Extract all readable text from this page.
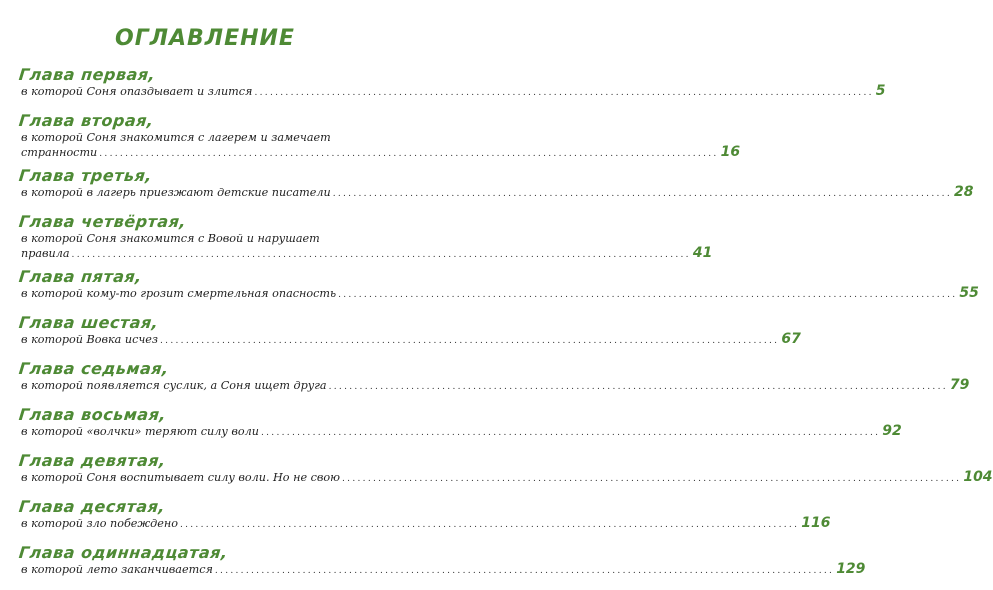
ОГЛАВЛЕНИЕ
Глава первая,
в которой Соня опаздывает и злится ........................................................................................................................ 5
Глава вторая,
в которой Соня знакомится с лагерем и замечает
странности ........................................................................................................................ 16
Глава третья,
в которой в лагерь приезжают детские писатели ........................................................................................................................ 28
Глава четвёртая,
в которой Соня знакомится с Вовой и нарушает
правила ........................................................................................................................ 41
Глава пятая,
в которой кому-то грозит смертельная опасность ........................................................................................................................ 55
Глава шестая,
в которой Вовка исчез ........................................................................................................................ 67
Глава седьмая,
в которой появляется суслик, а Соня ищет друга ........................................................................................................................ 79
Глава восьмая,
в которой «волчки» теряют силу воли ........................................................................................................................ 92
Глава девятая,
в которой Соня воспитывает силу воли. Но не свою ........................................................................................................................ 104
Глава десятая,
в которой зло побеждено ........................................................................................................................ 116
Глава одиннадцатая,
в которой лето заканчивается ........................................................................................................................ 129
